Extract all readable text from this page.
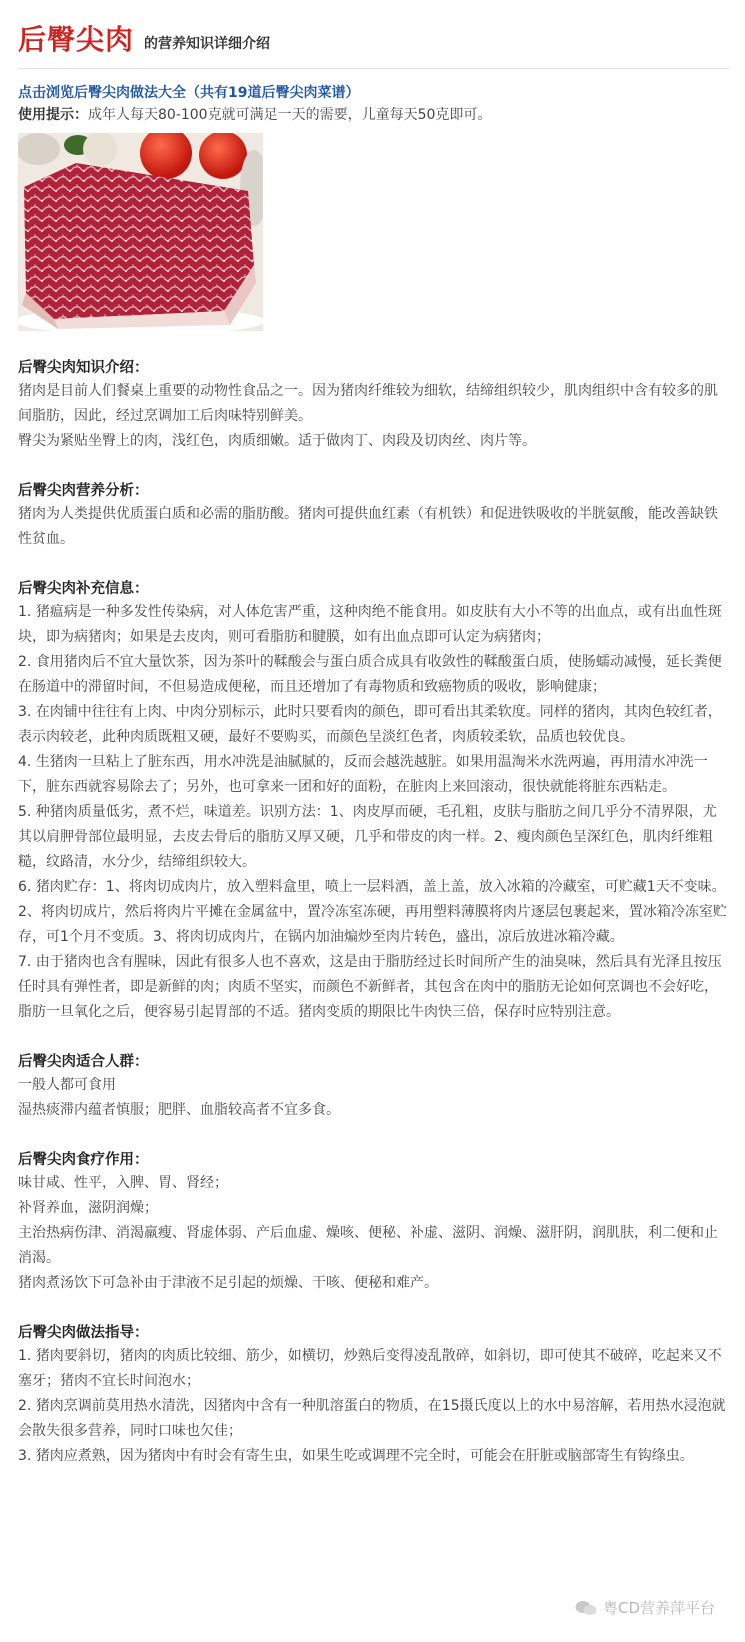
后臀尖肉 的营养知识详细介绍
点击浏览后臀尖肉做法大全（共有19道后臀尖肉菜谱）
使用提示：成年人每天80-100克就可满足一天的需要，儿童每天50克即可。
后臀尖肉知识介绍：

猪肉是目前人们餐桌上重要的动物性食品之一。因为猪肉纤维较为细软，结缔组织较少，肌肉组织中含有较多的肌间脂肪，因此，经过烹调加工后肉味特别鲜美。

臀尖为紧贴坐臀上的肉，浅红色，肉质细嫩。适于做肉丁、肉段及切肉丝、肉片等。

后臀尖肉营养分析：

猪肉为人类提供优质蛋白质和必需的脂肪酸。猪肉可提供血红素（有机铁）和促进铁吸收的半胱氨酸，能改善缺铁性贫血。

后臀尖肉补充信息：

1. 猪瘟病是一种多发性传染病，对人体危害严重，这种肉绝不能食用。如皮肤有大小不等的出血点，或有出血性斑块，即为病猪肉；如果是去皮肉，则可看脂肪和腱膜，如有出血点即可认定为病猪肉；

2. 食用猪肉后不宜大量饮茶，因为茶叶的鞣酸会与蛋白质合成具有收敛性的鞣酸蛋白质，使肠蠕动减慢，延长粪便在肠道中的滞留时间，不但易造成便秘，而且还增加了有毒物质和致癌物质的吸收，影响健康；

3. 在肉铺中往往有上肉、中肉分别标示，此时只要看肉的颜色，即可看出其柔软度。同样的猪肉，其肉色较红者，表示肉较老，此种肉质既粗又硬，最好不要购买，而颜色呈淡红色者，肉质较柔软，品质也较优良。

4. 生猪肉一旦粘上了脏东西，用水冲洗是油腻腻的，反而会越洗越脏。如果用温淘米水洗两遍，再用清水冲洗一下，脏东西就容易除去了；另外，也可拿来一团和好的面粉，在脏肉上来回滚动，很快就能将脏东西粘走。

5. 种猪肉质量低劣，煮不烂，味道差。识别方法：1、肉皮厚而硬，毛孔粗，皮肤与脂肪之间几乎分不清界限，尤其以肩胛骨部位最明显，去皮去骨后的脂肪又厚又硬，几乎和带皮的肉一样。2、瘦肉颜色呈深红色，肌肉纤维粗糙，纹路清，水分少，结缔组织较大。

6. 猪肉贮存：1、将肉切成肉片，放入塑料盒里，喷上一层料酒，盖上盖，放入冰箱的冷藏室，可贮藏1天不变味。2、将肉切成片，然后将肉片平摊在金属盆中，置冷冻室冻硬，再用塑料薄膜将肉片逐层包裹起来，置冰箱冷冻室贮存，可1个月不变质。3、将肉切成肉片，在锅内加油煸炒至肉片转色，盛出，凉后放进冰箱冷藏。

7. 由于猪肉也含有腥味，因此有很多人也不喜欢，这是由于脂肪经过长时间所产生的油臭味，然后具有光泽且按压任时具有弹性者，即是新鲜的肉；肉质不坚实，而颜色不新鲜者，其包含在肉中的脂肪无论如何烹调也不会好吃，脂肪一旦氧化之后，便容易引起胃部的不适。猪肉变质的期限比牛肉快三倍，保存时应特别注意。

后臀尖肉适合人群：

一般人都可食用

湿热痰滞内蕴者慎服；肥胖、血脂较高者不宜多食。

后臀尖肉食疗作用：

味甘咸、性平，入脾、胃、肾经；

补肾养血，滋阴润燥；

主治热病伤津、消渴羸瘦、肾虚体弱、产后血虚、燥咳、便秘、补虚、滋阴、润燥、滋肝阴，润肌肤，利二便和止消渴。

猪肉煮汤饮下可急补由于津液不足引起的烦燥、干咳、便秘和难产。

后臀尖肉做法指导：

1. 猪肉要斜切，猪肉的肉质比较细、筋少，如横切，炒熟后变得凌乱散碎，如斜切，即可使其不破碎，吃起来又不塞牙；猪肉不宜长时间泡水；

2. 猪肉烹调前莫用热水清洗，因猪肉中含有一种肌溶蛋白的物质，在15摄氏度以上的水中易溶解，若用热水浸泡就会散失很多营养，同时口味也欠佳；

3. 猪肉应煮熟，因为猪肉中有时会有寄生虫，如果生吃或调理不完全时，可能会在肝脏或脑部寄生有钩绦虫。

粤CD营养萍平台
